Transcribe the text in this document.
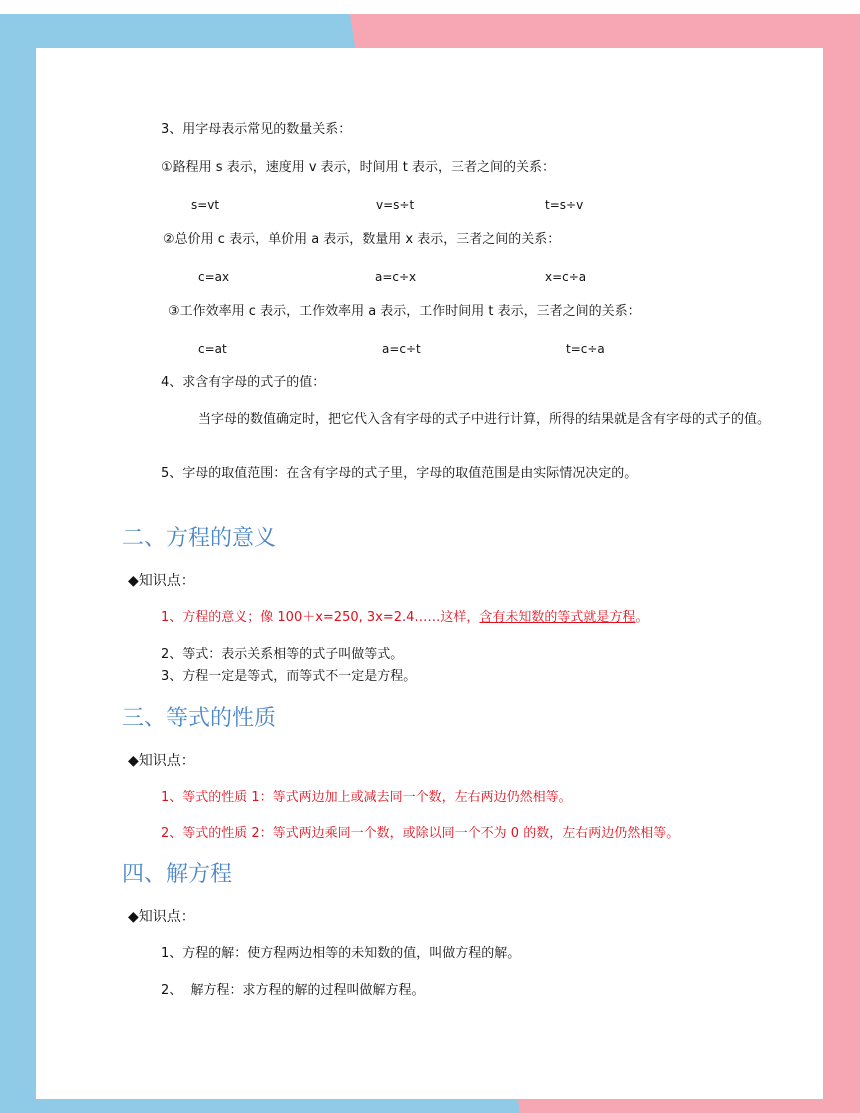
3、用字母表示常见的数量关系：
①路程用 s 表示，速度用 v 表示，时间用 t 表示，三者之间的关系：
s=vt	v=s÷t	t=s÷v
②总价用 c 表示，单价用 a 表示，数量用 x 表示，三者之间的关系：
c=ax	a=c÷x	x=c÷a
③工作效率用 c 表示，工作效率用 a 表示，工作时间用 t 表示，三者之间的关系：
c=at	a=c÷t	t=c÷a
4、求含有字母的式子的值：
当字母的数值确定时，把它代入含有字母的式子中进行计算，所得的结果就是含有字母的式子的值。
5、字母的取值范围：在含有字母的式子里，字母的取值范围是由实际情况决定的。
二、方程的意义
◆知识点：
1、方程的意义；像 100＋x=250, 3x=2.4……这样，含有未知数的等式就是方程。
2、等式：表示关系相等的式子叫做等式。
3、方程一定是等式，而等式不一定是方程。
三、等式的性质
◆知识点：
1、等式的性质 1：等式两边加上或减去同一个数，左右两边仍然相等。
2、等式的性质 2：等式两边乘同一个数，或除以同一个不为 0 的数，左右两边仍然相等。
四、解方程
◆知识点：
1、方程的解：使方程两边相等的未知数的值，叫做方程的解。
2、  解方程：求方程的解的过程叫做解方程。
